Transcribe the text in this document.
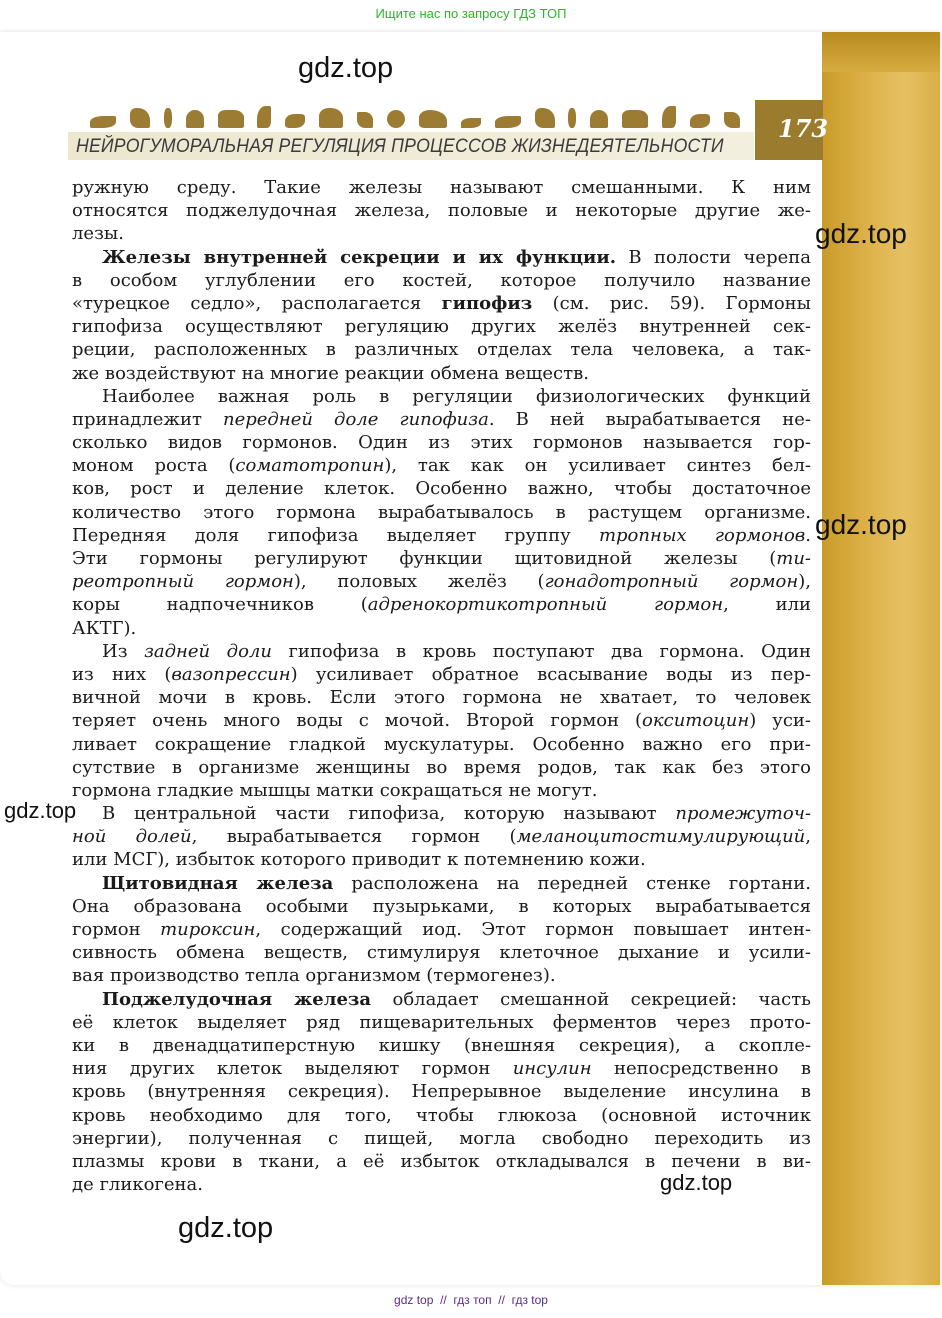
Ищите нас по запросу ГДЗ ТОП
НЕЙРОГУМОРАЛЬНАЯ РЕГУЛЯЦИЯ ПРОЦЕССОВ ЖИЗНЕДЕЯТЕЛЬНОСТИ
173
ружную среду. Такие железы называют смешанными. К ним
относятся поджелудочная железа, половые и некоторые другие же-
лезы.
Железы внутренней секреции и их функции. В полости черепа
в особом углублении его костей, которое получило название
«турецкое седло», располагается гипофиз (см. рис. 59). Гормоны
гипофиза осуществляют регуляцию других желёз внутренней сек-
реции, расположенных в различных отделах тела человека, а так-
же воздействуют на многие реакции обмена веществ.
Наиболее важная роль в регуляции физиологических функций
принадлежит передней доле гипофиза. В ней вырабатывается не-
сколько видов гормонов. Один из этих гормонов называется гор-
моном роста (соматотропин), так как он усиливает синтез бел-
ков, рост и деление клеток. Особенно важно, чтобы достаточное
количество этого гормона вырабатывалось в растущем организме.
Передняя доля гипофиза выделяет группу тропных гормонов.
Эти гормоны регулируют функции щитовидной железы (ти-
реотропный гормон), половых желёз (гонадотропный гормон),
коры надпочечников (адренокортикотропный гормон, или
АКТГ).
Из задней доли гипофиза в кровь поступают два гормона. Один
из них (вазопрессин) усиливает обратное всасывание воды из пер-
вичной мочи в кровь. Если этого гормона не хватает, то человек
теряет очень много воды с мочой. Второй гормон (окситоцин) уси-
ливает сокращение гладкой мускулатуры. Особенно важно его при-
сутствие в организме женщины во время родов, так как без этого
гормона гладкие мышцы матки сокращаться не могут.
В центральной части гипофиза, которую называют промежуточ-
ной долей, вырабатывается гормон (меланоцитостимулирующий,
или МСГ), избыток которого приводит к потемнению кожи.
Щитовидная железа расположена на передней стенке гортани.
Она образована особыми пузырьками, в которых вырабатывается
гормон тироксин, содержащий иод. Этот гормон повышает интен-
сивность обмена веществ, стимулируя клеточное дыхание и усили-
вая производство тепла организмом (термогенез).
Поджелудочная железа обладает смешанной секрецией: часть
её клеток выделяет ряд пищеварительных ферментов через прото-
ки в двенадцатиперстную кишку (внешняя секреция), а скопле-
ния других клеток выделяют гормон инсулин непосредственно в
кровь (внутренняя секреция). Непрерывное выделение инсулина в
кровь необходимо для того, чтобы глюкоза (основной источник
энергии), полученная с пищей, могла свободно переходить из
плазмы крови в ткани, а её избыток откладывался в печени в ви-
де гликогена.
gdz.top
gdz.top
gdz.top
gdz.top
gdz.top
gdz.top
gdz top  //  гдз топ  //  гдз top
